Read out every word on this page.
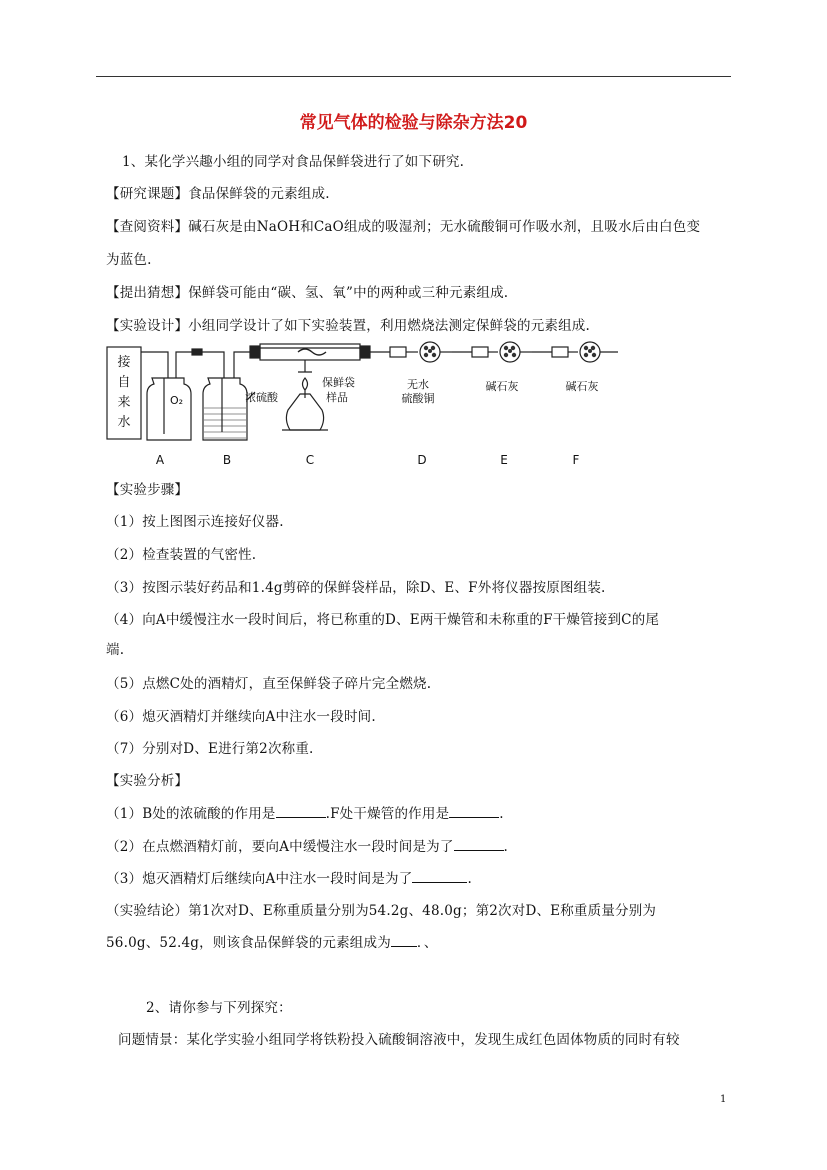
常见气体的检验与除杂方法20
1、某化学兴趣小组的同学对食品保鲜袋进行了如下研究.
【研究课题】食品保鲜袋的元素组成.
【查阅资料】碱石灰是由NaOH和CaO组成的吸湿剂；无水硫酸铜可作吸水剂，且吸水后由白色变
为蓝色.
【提出猜想】保鲜袋可能由“碳、氢、氧”中的两种或三种元素组成.
【实验设计】小组同学设计了如下实验装置，利用燃烧法测定保鲜袋的元素组成.
接
自
来
水
O₂	浓硫酸
保鲜袋
样品
无水
硫酸铜
碱石灰	碱石灰
A	B	C	D	E	F
【实验步骤】
（1）按上图图示连接好仪器.
（2）检查装置的气密性.
（3）按图示装好药品和1.4g剪碎的保鲜袋样品，除D、E、F外将仪器按原图组装.
（4）向A中缓慢注水一段时间后，将已称重的D、E两干燥管和未称重的F干燥管接到C的尾
端.
（5）点燃C处的酒精灯，直至保鲜袋子碎片完全燃烧.
（6）熄灭酒精灯并继续向A中注水一段时间.
（7）分别对D、E进行第2次称重.
【实验分析】
（1）B处的浓硫酸的作用是	.F处干燥管的作用是	.
（2）在点燃酒精灯前，要向A中缓慢注水一段时间是为了	.
（3）熄灭酒精灯后继续向A中注水一段时间是为了	.
（实验结论）第1次对D、E称重质量分别为54.2g、48.0g；第2次对D、E称重质量分别为
56.0g、52.4g，则该食品保鲜袋的元素组成为 ．、
2、请你参与下列探究：
问题情景：某化学实验小组同学将铁粉投入硫酸铜溶液中，发现生成红色固体物质的同时有较
1
